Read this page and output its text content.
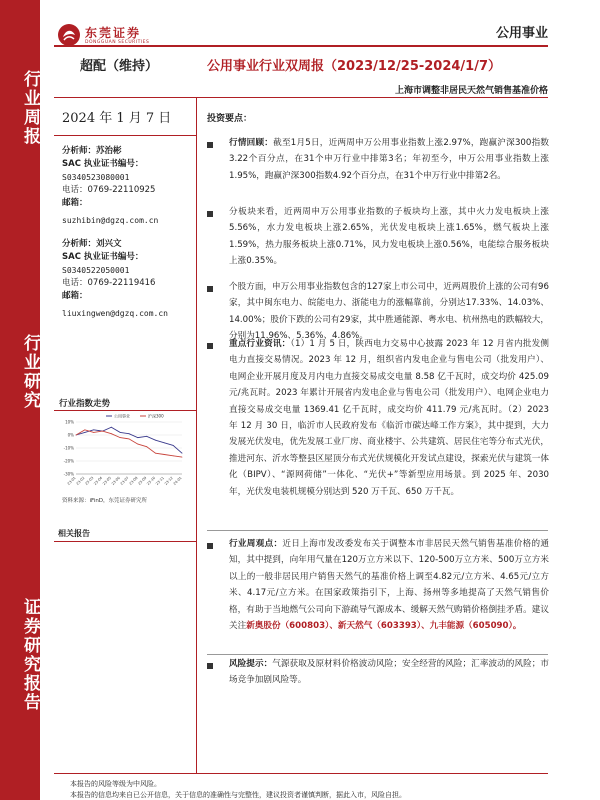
行业周报
行业研究
证券研究报告
东莞证券
DONGGUAN SECURITIES
公用事业
超配（维持）	公用事业行业双周报（2023/12/25-2024/1/7）
上海市调整非居民天然气销售基准价格
2024 年 1 月 7 日
分析师：苏治彬
SAC 执业证书编号：
S0340523080001
电话：0769-22110925
邮箱：
suzhibin@dgzq.com.cn
分析师：刘兴文
SAC 执业证书编号：
S0340522050001
电话：0769-22119416
邮箱：
liuxingwen@dgzq.com.cn
行业指数走势
10%
0%
-10%
-20%
-30%
23-01
23-02
23-03
23-04
23-05
23-06
23-07
23-08
23-09
23-10
23-11
23-12
24-01
公用事业	沪深300
资料来源：iFinD，东莞证券研究所
相关报告
投资要点：
行情回顾：截至1月5日，近两周申万公用事业指数上涨2.97%，跑赢沪深300指数3.22个百分点，在31个申万行业中排第3名；年初至今，申万公用事业指数上涨1.95%，跑赢沪深300指数4.92个百分点，在31个申万行业中排第2名。
分板块来看，近两周申万公用事业指数的子板块均上涨，其中火力发电板块上涨5.56%，水力发电板块上涨2.65%，光伏发电板块上涨1.65%，燃气板块上涨1.59%，热力服务板块上涨0.71%，风力发电板块上涨0.56%，电能综合服务板块上涨0.35%。
个股方面，申万公用事业指数包含的127家上市公司中，近两周股价上涨的公司有96家，其中闽东电力、皖能电力、浙能电力的涨幅靠前，分别达17.33%、14.03%、14.00%；股价下跌的公司有29家，其中胜通能源、粤水电、杭州热电的跌幅较大，分别为11.96%、5.36%、4.86%。
重点行业资讯：（1）1 月 5 日，陕西电力交易中心披露 2023 年 12 月省内批发侧电力直接交易情况。2023 年 12 月，组织省内发电企业与售电公司（批发用户）、电网企业开展月度及月内电力直接交易成交电量 8.58 亿千瓦时，成交均价 425.09 元/兆瓦时。2023 年累计开展省内发电企业与售电公司（批发用户）、电网企业电力直接交易成交电量 1369.41 亿千瓦时，成交均价 411.79 元/兆瓦时。（2）2023 年 12 月 30 日，临沂市人民政府发布《临沂市碳达峰工作方案》，其中提到，大力发展光伏发电，优先发展工业厂房、商业楼宇、公共建筑、居民住宅等分布式光伏，推进河东、沂水等整县区屋顶分布式光伏规模化开发试点建设，探索光伏与建筑一体化（BIPV）、“源网荷储”一体化、“光伏+”等新型应用场景。到 2025 年、2030 年，光伏发电装机规模分别达到 520 万千瓦、650 万千瓦。
行业周观点：近日上海市发改委发布关于调整本市非居民天然气销售基准价格的通知，其中提到，向年用气量在120万立方米以下、120-500万立方米、500万立方米以上的一般非居民用户销售天然气的基准价格上调至4.82元/立方米、4.65元/立方米、4.17元/立方米。在国家政策指引下，上海、扬州等多地提高了天然气销售价格，有助于当地燃气公司向下游疏导气源成本、缓解天然气购销价格倒挂矛盾。建议关注新奥股份（600803）、新天然气（603393）、九丰能源（605090）。
风险提示：气源获取及原材料价格波动风险；安全经营的风险；汇率波动的风险；市场竞争加剧风险等。
本报告的风险等级为中风险。
本报告的信息均来自已公开信息，关于信息的准确性与完整性，建议投资者谨慎判断，据此入市，风险自担。
